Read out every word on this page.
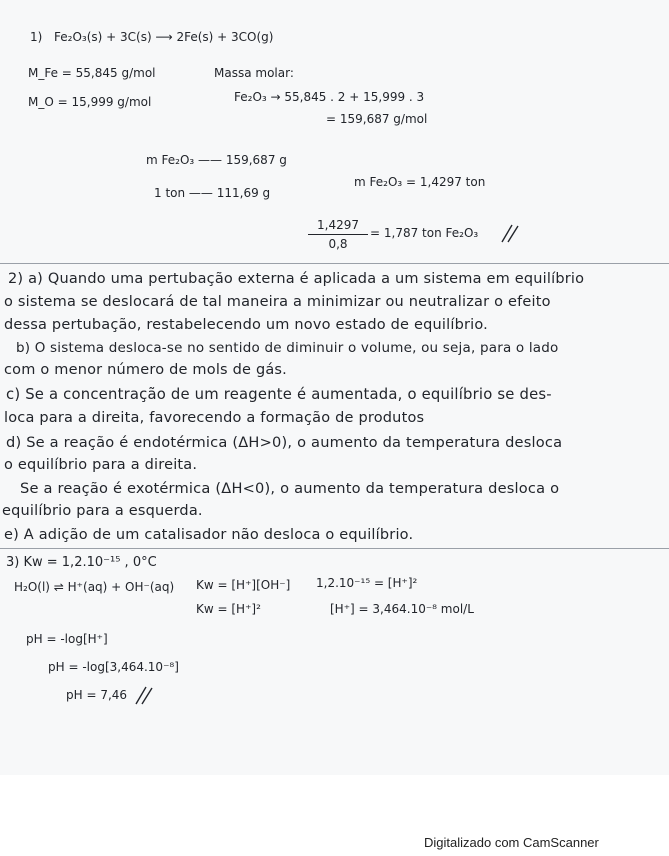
1) Fe₂O₃(s) + 3C(s) ⟶ 2Fe(s) + 3CO(g)
M_Fe = 55,845 g/mol
M_O = 15,999 g/mol
Massa molar:
Fe₂O₃ → 55,845 . 2 + 15,999 . 3
= 159,687 g/mol
m Fe₂O₃ —— 159,687 g
1 ton —— 111,69 g
m Fe₂O₃ = 1,4297 ton
1,4297
0,8
= 1,787 ton Fe₂O₃
2) a) Quando uma pertubação externa é aplicada a um sistema em equilíbrio
o sistema se deslocará de tal maneira a minimizar ou neutralizar o efeito
dessa pertubação, restabelecendo um novo estado de equilíbrio.
b) O sistema desloca-se no sentido de diminuir o volume, ou seja, para o lado
com o menor número de mols de gás.
c) Se a concentração de um reagente é aumentada, o equilíbrio se des-
loca para a direita, favorecendo a formação de produtos
d) Se a reação é endotérmica (ΔH>0), o aumento da temperatura desloca
o equilíbrio para a direita.
Se a reação é exotérmica (ΔH<0), o aumento da temperatura desloca o
equilíbrio para a esquerda.
e) A adição de um catalisador não desloca o equilíbrio.
3) Kw = 1,2.10⁻¹⁵ , 0°C
H₂O(l) ⇌ H⁺(aq) + OH⁻(aq) Kw = [H⁺][OH⁻]
Kw = [H⁺]²
1,2.10⁻¹⁵ = [H⁺]²
[H⁺] = 3,464.10⁻⁸ mol/L
pH = -log[H⁺]
pH = -log[3,464.10⁻⁸]
pH = 7,46
Digitalizado com CamScanner
